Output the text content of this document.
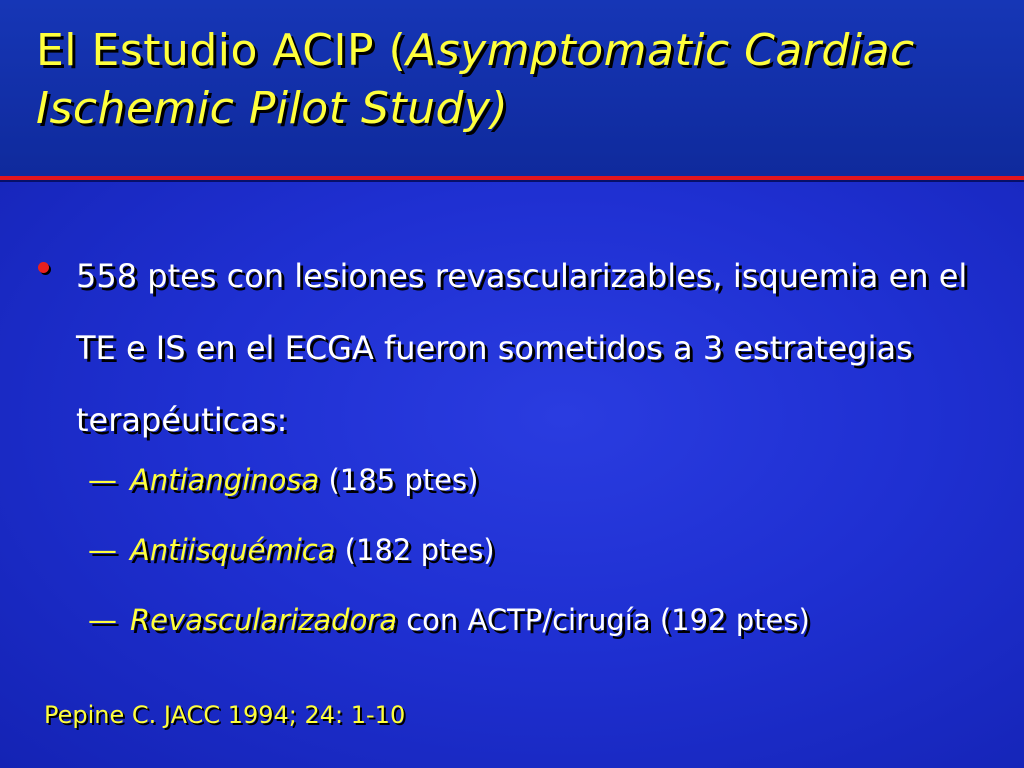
El Estudio ACIP (Asymptomatic Cardiac Ischemic Pilot Study)
558 ptes con lesiones revascularizables, isquemia en el TE e IS en el ECGA fueron sometidos a 3 estrategias terapéuticas:
— Antianginosa (185 ptes)
— Antiisquémica (182 ptes)
— Revascularizadora con ACTP/cirugía (192 ptes)
Pepine C. JACC 1994; 24: 1-10
